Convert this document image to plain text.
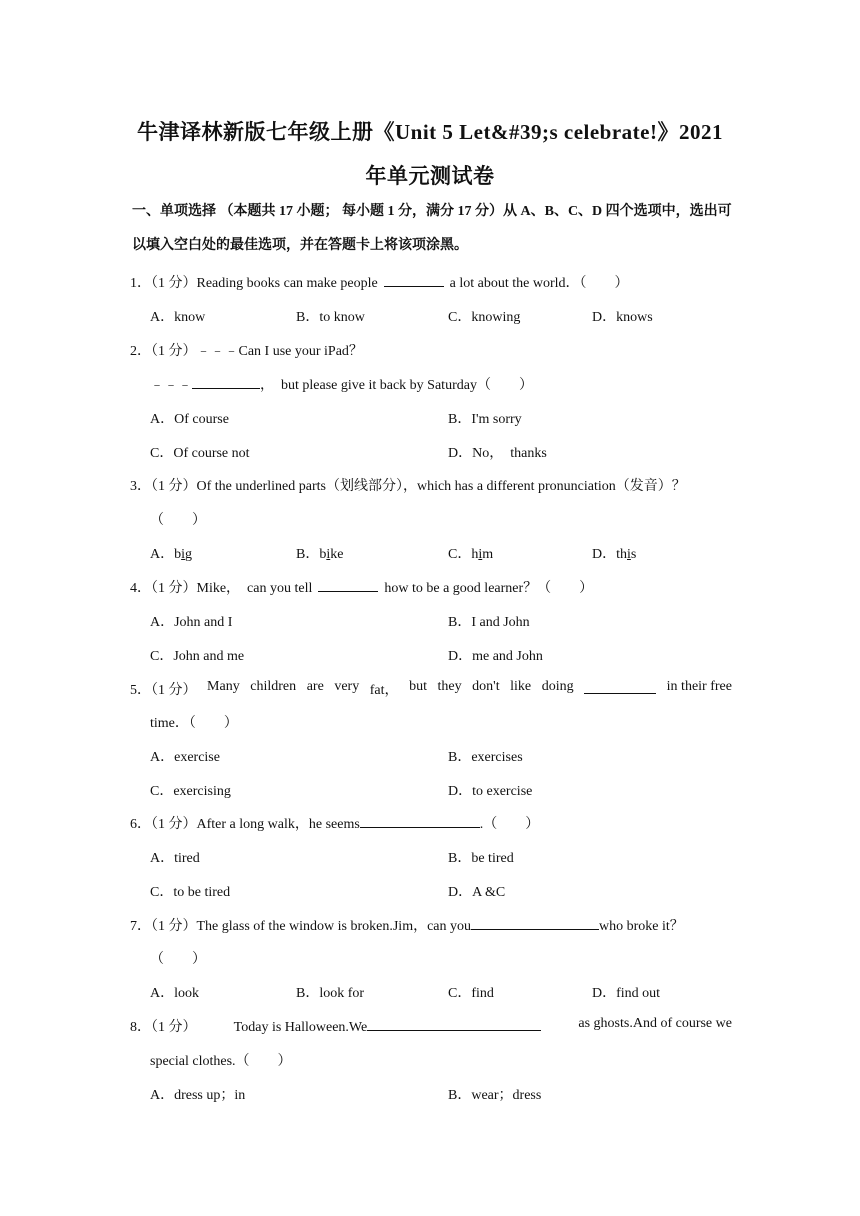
牛津译林新版七年级上册《Unit 5 Let&#39;s celebrate!》2021
年单元测试卷
一、单项选择 （本题共 17 小题； 每小题 1 分，满分 17 分）从 A、B、C、D 四个选项中，选出可以填入空白处的最佳选项，并在答题卡上将该项涂黑。
1．（1 分）Reading books can make people	a lot about the world．（　　）
A．know	B．to know	C．knowing	D．knows
2．（1 分）﹣﹣﹣Can I use your iPad？
﹣﹣﹣	，　but please give it back by Saturday（　　）
A．Of course	B．I'm sorry
C．Of course not	D．No，　thanks
3．（1 分）Of the underlined parts（划线部分），which has a different pronunciation（发音）？
（　　）
A．big	B．bike	C．him	D．this
4．（1 分）Mike，　can you tell	how to be a good learner？（　　）
A．John and I	B．I and John
C．John and me	D．me and John
5．（1 分） Many children are very fat， but they don't like doing	in their free
time．（　　）
A．exercise	B．exercises
C．exercising	D．to exercise
6．（1 分）After a long walk，he seems	.（　　）
A．tired	B．be tired
C．to be tired	D．A &C
7．（1 分）The glass of the window is broken.Jim，can you	who broke it？
（　　）
A．look	B．look for	C．find	D．find out
8．（1 分）	Today is Halloween.We	as ghosts.And of course we
special clothes.（　　）
A．dress up；in	B．wear；dress
